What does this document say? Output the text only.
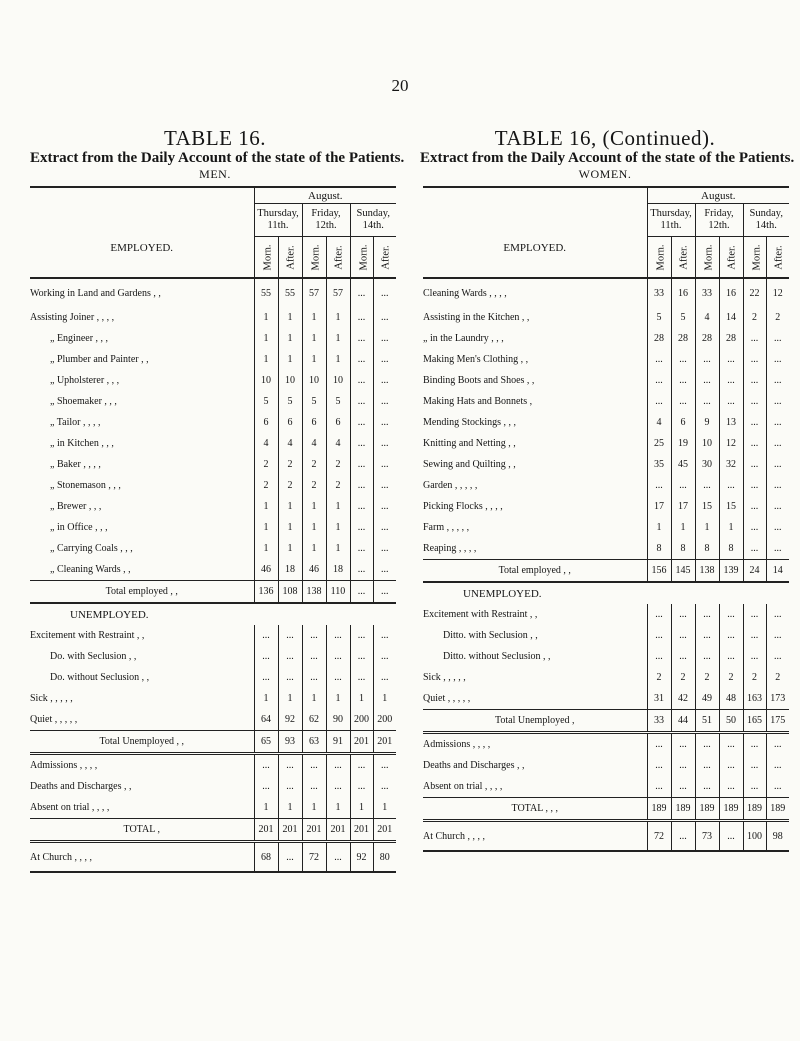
20
TABLE 16.
Extract from the Daily Account of the state of the Patients.
MEN.
TABLE 16, (Continued).
Extract from the Daily Account of the state of the Patients.
WOMEN.
EMPLOYED.	August.					
	Thursday, 11th.		Friday, 12th.		Sunday, 14th.	
	Morn.	After.	Morn.	After.	Morn.	After.
Working in Land and Gardens , ,	55	55	57	57	...	...
Assisting Joiner , , , ,	1	1	1	1	...	...
„ Engineer , , ,	1	1	1	1	...	...
„ Plumber and Painter , ,	1	1	1	1	...	...
„ Upholsterer , , ,	10	10	10	10	...	...
„ Shoemaker , , ,	5	5	5	5	...	...
„ Tailor , , , ,	6	6	6	6	...	...
„ in Kitchen , , ,	4	4	4	4	...	...
„ Baker , , , ,	2	2	2	2	...	...
„ Stonemason , , ,	2	2	2	2	...	...
„ Brewer , , ,	1	1	1	1	...	...
„ in Office , , ,	1	1	1	1	...	...
„ Carrying Coals , , ,	1	1	1	1	...	...
„ Cleaning Wards , ,	46	18	46	18	...	...
Total employed , ,	136	108	138	110	...	...
UNEMPLOYED.						
Excitement with Restraint , ,	...	...	...	...	...	...
Do. with Seclusion , ,	...	...	...	...	...	...
Do. without Seclusion , ,	...	...	...	...	...	...
Sick , , , , ,	1	1	1	1	1	1
Quiet , , , , ,	64	92	62	90	200	200
Total Unemployed , ,	65	93	63	91	201	201
Admissions , , , ,	...	...	...	...	...	...
Deaths and Discharges , ,	...	...	...	...	...	...
Absent on trial , , , ,	1	1	1	1	1	1
TOTAL ,	201	201	201	201	201	201
At Church , , , ,	68	...	72	...	92	80
EMPLOYED.	August.					
	Thursday, 11th.		Friday, 12th.		Sunday, 14th.	
	Morn.	After.	Morn.	After.	Morn.	After.
Cleaning Wards , , , ,	33	16	33	16	22	12
Assisting in the Kitchen , ,	5	5	4	14	2	2
„ in the Laundry , , ,	28	28	28	28	...	...
Making Men's Clothing , ,	...	...	...	...	...	...
Binding Boots and Shoes , ,	...	...	...	...	...	...
Making Hats and Bonnets ,	...	...	...	...	...	...
Mending Stockings , , ,	4	6	9	13	...	...
Knitting and Netting , ,	25	19	10	12	...	...
Sewing and Quilting , ,	35	45	30	32	...	...
Garden , , , , ,	...	...	...	...	...	...
Picking Flocks , , , ,	17	17	15	15	...	...
Farm , , , , ,	1	1	1	1	...	...
Reaping , , , ,	8	8	8	8	...	...
Total employed , ,	156	145	138	139	24	14
UNEMPLOYED.						
Excitement with Restraint , ,	...	...	...	...	...	...
Ditto. with Seclusion , ,	...	...	...	...	...	...
Ditto. without Seclusion , ,	...	...	...	...	...	...
Sick , , , , ,	2	2	2	2	2	2
Quiet , , , , ,	31	42	49	48	163	173
Total Unemployed ,	33	44	51	50	165	175
Admissions , , , ,	...	...	...	...	...	...
Deaths and Discharges , ,	...	...	...	...	...	...
Absent on trial , , , ,	...	...	...	...	...	...
TOTAL , , ,	189	189	189	189	189	189
At Church , , , ,	72	...	73	...	100	98
